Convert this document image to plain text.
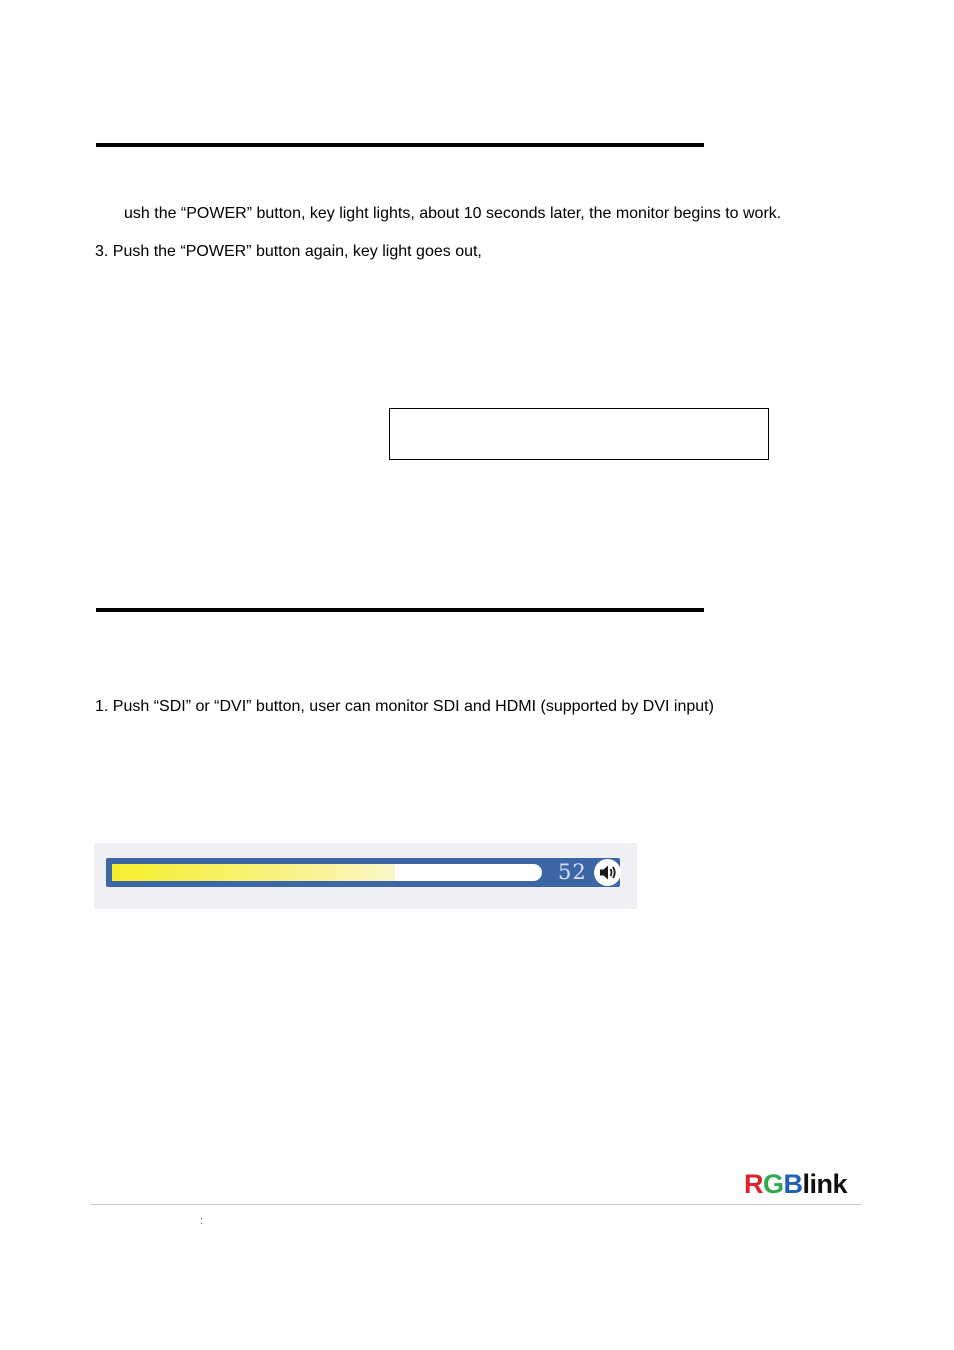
ush the “POWER” button, key light lights, about 10 seconds later, the monitor begins to work.
3. Push the “POWER” button again, key light goes out,
1. Push “SDI” or “DVI” button, user can monitor SDI and HDMI (supported by DVI input)
52
RGBlink
:
